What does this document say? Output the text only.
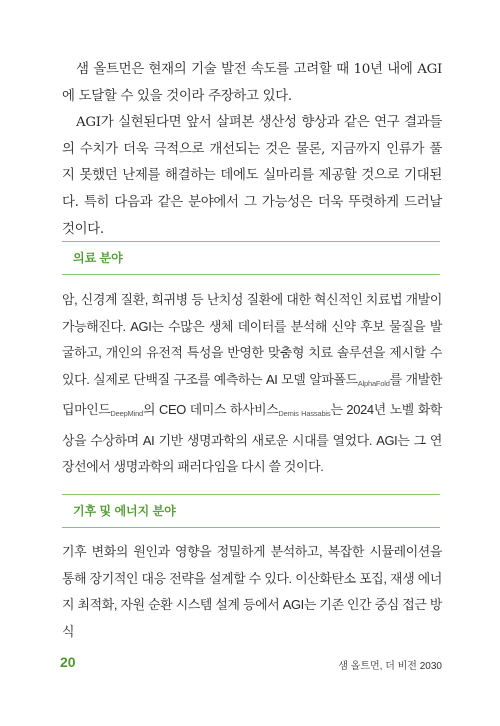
샘 올트먼은 현재의 기술 발전 속도를 고려할 때 10년 내에 AGI에 도달할 수 있을 것이라 주장하고 있다.

AGI가 실현된다면 앞서 살펴본 생산성 향상과 같은 연구 결과들의 수치가 더욱 극적으로 개선되는 것은 물론, 지금까지 인류가 풀지 못했던 난제를 해결하는 데에도 실마리를 제공할 것으로 기대된다. 특히 다음과 같은 분야에서 그 가능성은 더욱 뚜렷하게 드러날 것이다.

의료 분야

암, 신경계 질환, 희귀병 등 난치성 질환에 대한 혁신적인 치료법 개발이 가능해진다. AGI는 수많은 생체 데이터를 분석해 신약 후보 물질을 발굴하고, 개인의 유전적 특성을 반영한 맞춤형 치료 솔루션을 제시할 수 있다. 실제로 단백질 구조를 예측하는 AI 모델 알파폴드$_{AlphaFold}$를 개발한 딥마인드$_{DeepMind}$의 CEO 데미스 하사비스$_{Demis Hassabis}$는 2024년 노벨 화학상을 수상하며 AI 기반 생명과학의 새로운 시대를 열었다. AGI는 그 연장선에서 생명과학의 패러다임을 다시 쓸 것이다.

기후 및 에너지 분야

기후 변화의 원인과 영향을 정밀하게 분석하고, 복잡한 시뮬레이션을 통해 장기적인 대응 전략을 설계할 수 있다. 이산화탄소 포집, 재생 에너지 최적화, 자원 순환 시스템 설계 등에서 AGI는 기존 인간 중심 접근 방식

20	샘 올트먼, 더 비전 2030
